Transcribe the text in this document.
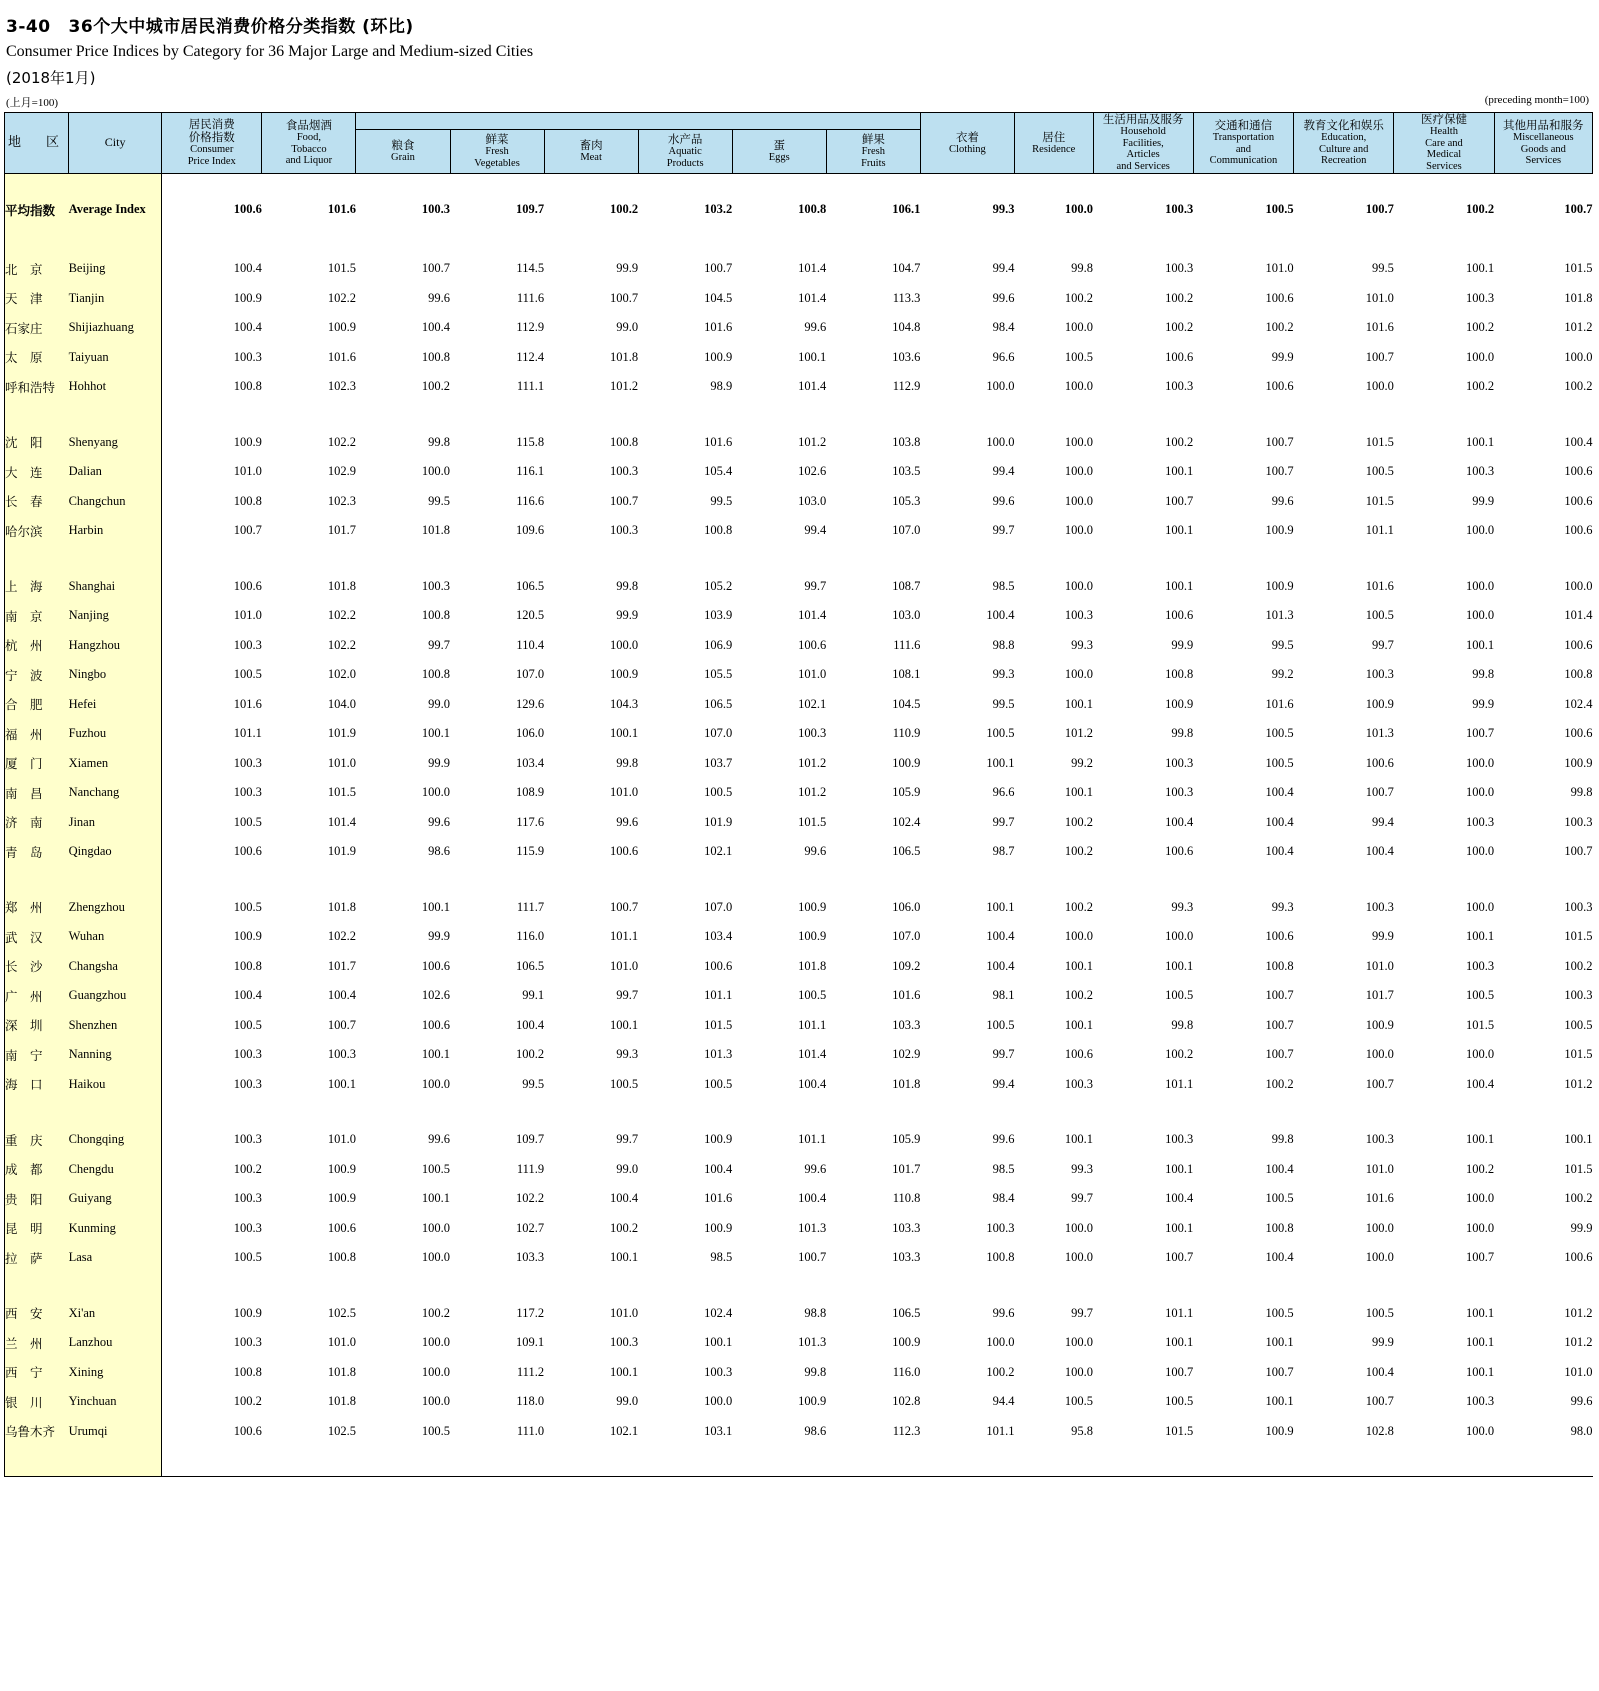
3-40 36个大中城市居民消费价格分类指数 (环比)
Consumer Price Indices by Category for 36 Major Large and Medium-sized Cities
(2018年1月)
(上月=100)	(preceding month=100)
地　区	City	居民消费
价格指数
Consumer
Price Index	食品烟酒
Food,
Tobacco
and Liquor							衣着
Clothing	居住
Residence	生活用品及服务
Household
Facilities,
Articles
and Services	交通和通信
Transportation
and
Communication	教育文化和娱乐
Education,
Culture and
Recreation	医疗保健
Health
Care and
Medical
Services	其他用品和服务
Miscellaneous
Goods and
Services

				粮食
Grain	鲜菜
Fresh
Vegetables	畜肉
Meat	水产品
Aquatic
Products	蛋
Eggs	鲜果
Fresh
Fruits							

平均指数	Average Index	100.6	101.6	100.3	109.7	100.2	103.2	100.8	106.1	99.3	100.0	100.3	100.5	100.7	100.2	100.7

北　京	Beijing	100.4	101.5	100.7	114.5	99.9	100.7	101.4	104.7	99.4	99.8	100.3	101.0	99.5	100.1	101.5
天　津	Tianjin	100.9	102.2	99.6	111.6	100.7	104.5	101.4	113.3	99.6	100.2	100.2	100.6	101.0	100.3	101.8
石家庄	Shijiazhuang	100.4	100.9	100.4	112.9	99.0	101.6	99.6	104.8	98.4	100.0	100.2	100.2	101.6	100.2	101.2
太　原	Taiyuan	100.3	101.6	100.8	112.4	101.8	100.9	100.1	103.6	96.6	100.5	100.6	99.9	100.7	100.0	100.0
呼和浩特	Hohhot	100.8	102.3	100.2	111.1	101.2	98.9	101.4	112.9	100.0	100.0	100.3	100.6	100.0	100.2	100.2

沈　阳	Shenyang	100.9	102.2	99.8	115.8	100.8	101.6	101.2	103.8	100.0	100.0	100.2	100.7	101.5	100.1	100.4
大　连	Dalian	101.0	102.9	100.0	116.1	100.3	105.4	102.6	103.5	99.4	100.0	100.1	100.7	100.5	100.3	100.6
长　春	Changchun	100.8	102.3	99.5	116.6	100.7	99.5	103.0	105.3	99.6	100.0	100.7	99.6	101.5	99.9	100.6
哈尔滨	Harbin	100.7	101.7	101.8	109.6	100.3	100.8	99.4	107.0	99.7	100.0	100.1	100.9	101.1	100.0	100.6

上　海	Shanghai	100.6	101.8	100.3	106.5	99.8	105.2	99.7	108.7	98.5	100.0	100.1	100.9	101.6	100.0	100.0
南　京	Nanjing	101.0	102.2	100.8	120.5	99.9	103.9	101.4	103.0	100.4	100.3	100.6	101.3	100.5	100.0	101.4
杭　州	Hangzhou	100.3	102.2	99.7	110.4	100.0	106.9	100.6	111.6	98.8	99.3	99.9	99.5	99.7	100.1	100.6
宁　波	Ningbo	100.5	102.0	100.8	107.0	100.9	105.5	101.0	108.1	99.3	100.0	100.8	99.2	100.3	99.8	100.8
合　肥	Hefei	101.6	104.0	99.0	129.6	104.3	106.5	102.1	104.5	99.5	100.1	100.9	101.6	100.9	99.9	102.4
福　州	Fuzhou	101.1	101.9	100.1	106.0	100.1	107.0	100.3	110.9	100.5	101.2	99.8	100.5	101.3	100.7	100.6
厦　门	Xiamen	100.3	101.0	99.9	103.4	99.8	103.7	101.2	100.9	100.1	99.2	100.3	100.5	100.6	100.0	100.9
南　昌	Nanchang	100.3	101.5	100.0	108.9	101.0	100.5	101.2	105.9	96.6	100.1	100.3	100.4	100.7	100.0	99.8
济　南	Jinan	100.5	101.4	99.6	117.6	99.6	101.9	101.5	102.4	99.7	100.2	100.4	100.4	99.4	100.3	100.3
青　岛	Qingdao	100.6	101.9	98.6	115.9	100.6	102.1	99.6	106.5	98.7	100.2	100.6	100.4	100.4	100.0	100.7

郑　州	Zhengzhou	100.5	101.8	100.1	111.7	100.7	107.0	100.9	106.0	100.1	100.2	99.3	99.3	100.3	100.0	100.3
武　汉	Wuhan	100.9	102.2	99.9	116.0	101.1	103.4	100.9	107.0	100.4	100.0	100.0	100.6	99.9	100.1	101.5
长　沙	Changsha	100.8	101.7	100.6	106.5	101.0	100.6	101.8	109.2	100.4	100.1	100.1	100.8	101.0	100.3	100.2
广　州	Guangzhou	100.4	100.4	102.6	99.1	99.7	101.1	100.5	101.6	98.1	100.2	100.5	100.7	101.7	100.5	100.3
深　圳	Shenzhen	100.5	100.7	100.6	100.4	100.1	101.5	101.1	103.3	100.5	100.1	99.8	100.7	100.9	101.5	100.5
南　宁	Nanning	100.3	100.3	100.1	100.2	99.3	101.3	101.4	102.9	99.7	100.6	100.2	100.7	100.0	100.0	101.5
海　口	Haikou	100.3	100.1	100.0	99.5	100.5	100.5	100.4	101.8	99.4	100.3	101.1	100.2	100.7	100.4	101.2

重　庆	Chongqing	100.3	101.0	99.6	109.7	99.7	100.9	101.1	105.9	99.6	100.1	100.3	99.8	100.3	100.1	100.1
成　都	Chengdu	100.2	100.9	100.5	111.9	99.0	100.4	99.6	101.7	98.5	99.3	100.1	100.4	101.0	100.2	101.5
贵　阳	Guiyang	100.3	100.9	100.1	102.2	100.4	101.6	100.4	110.8	98.4	99.7	100.4	100.5	101.6	100.0	100.2
昆　明	Kunming	100.3	100.6	100.0	102.7	100.2	100.9	101.3	103.3	100.3	100.0	100.1	100.8	100.0	100.0	99.9
拉　萨	Lasa	100.5	100.8	100.0	103.3	100.1	98.5	100.7	103.3	100.8	100.0	100.7	100.4	100.0	100.7	100.6

西　安	Xi'an	100.9	102.5	100.2	117.2	101.0	102.4	98.8	106.5	99.6	99.7	101.1	100.5	100.5	100.1	101.2
兰　州	Lanzhou	100.3	101.0	100.0	109.1	100.3	100.1	101.3	100.9	100.0	100.0	100.1	100.1	99.9	100.1	101.2
西　宁	Xining	100.8	101.8	100.0	111.2	100.1	100.3	99.8	116.0	100.2	100.0	100.7	100.7	100.4	100.1	101.0
银　川	Yinchuan	100.2	101.8	100.0	118.0	99.0	100.0	100.9	102.8	94.4	100.5	100.5	100.1	100.7	100.3	99.6
乌鲁木齐	Urumqi	100.6	102.5	100.5	111.0	102.1	103.1	98.6	112.3	101.1	95.8	101.5	100.9	102.8	100.0	98.0
